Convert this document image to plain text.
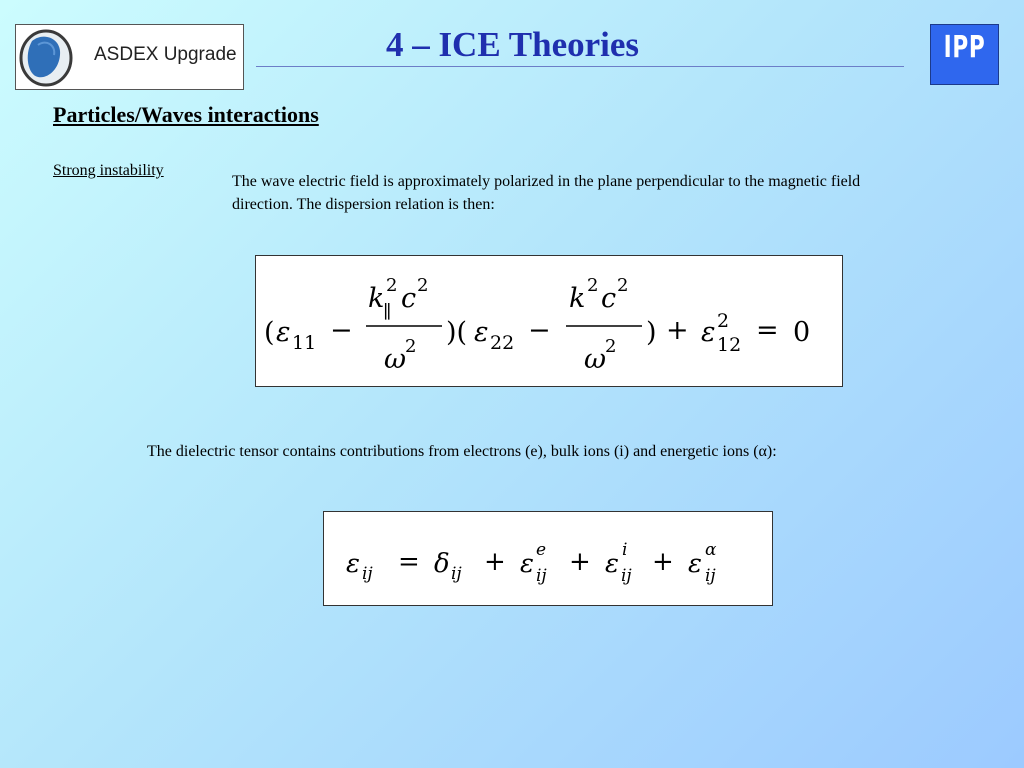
ASDEX Upgrade	4 – ICE Theories	IPP
Particles/Waves interactions
Strong instability
The wave electric field is approximately polarized in the plane perpendicular to the magnetic field direction. The dispersion relation is then:
( ε 11 −
k 2
∥ c 2
ω
2 )( ε 22 −
k 2 c 2
ω
2 ) + ε 2
12 = 0
The dielectric tensor contains contributions from electrons (e), bulk ions (i) and energetic ions (α):
ε ij = δ ij + ε e
ij + ε i
ij + ε α
ij
